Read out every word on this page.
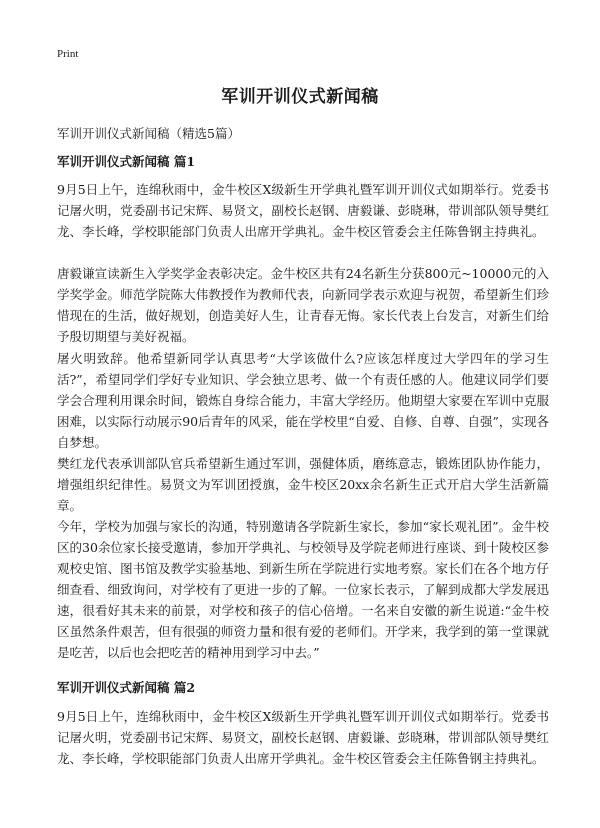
Print
军训开训仪式新闻稿
军训开训仪式新闻稿（精选5篇）
军训开训仪式新闻稿 篇1
9月5日上午，连绵秋雨中，金牛校区X级新生开学典礼暨军训开训仪式如期举行。党委书记屠火明，党委副书记宋辉、易贤文，副校长赵钢、唐毅谦、彭晓琳，带训部队领导樊红龙、李长峰，学校职能部门负责人出席开学典礼。金牛校区管委会主任陈鲁钢主持典礼。
唐毅谦宣读新生入学奖学金表彰决定。金牛校区共有24名新生分获800元~10000元的入学奖学金。师范学院陈大伟教授作为教师代表，向新同学表示欢迎与祝贺，希望新生们珍惜现在的生活，做好规划，创造美好人生，让青春无悔。家长代表上台发言，对新生们给予殷切期望与美好祝福。
屠火明致辞。他希望新同学认真思考“大学该做什么?应该怎样度过大学四年的学习生活?”，希望同学们学好专业知识、学会独立思考、做一个有责任感的人。他建议同学们要学会合理利用课余时间，锻炼自身综合能力，丰富大学经历。他期望大家要在军训中克服困难，以实际行动展示90后青年的风采，能在学校里“自爱、自修、自尊、自强”，实现各自梦想。
樊红龙代表承训部队官兵希望新生通过军训，强健体质，磨练意志，锻炼团队协作能力，增强组织纪律性。易贤文为军训团授旗，金牛校区20xx余名新生正式开启大学生活新篇章。
今年，学校为加强与家长的沟通，特别邀请各学院新生家长，参加“家长观礼团”。金牛校区的30余位家长接受邀请，参加开学典礼、与校领导及学院老师进行座谈、到十陵校区参观校史馆、图书馆及教学实验基地、到新生所在学院进行实地考察。家长们在各个地方仔细查看、细致询问，对学校有了更进一步的了解。一位家长表示，了解到成都大学发展迅速，很看好其未来的前景，对学校和孩子的信心倍增。一名来自安徽的新生说道:“金牛校区虽然条件艰苦，但有很强的师资力量和很有爱的老师们。开学来，我学到的第一堂课就是吃苦，以后也会把吃苦的精神用到学习中去。”
军训开训仪式新闻稿 篇2
9月5日上午，连绵秋雨中，金牛校区X级新生开学典礼暨军训开训仪式如期举行。党委书记屠火明，党委副书记宋辉、易贤文，副校长赵钢、唐毅谦、彭晓琳，带训部队领导樊红龙、李长峰，学校职能部门负责人出席开学典礼。金牛校区管委会主任陈鲁钢主持典礼。
